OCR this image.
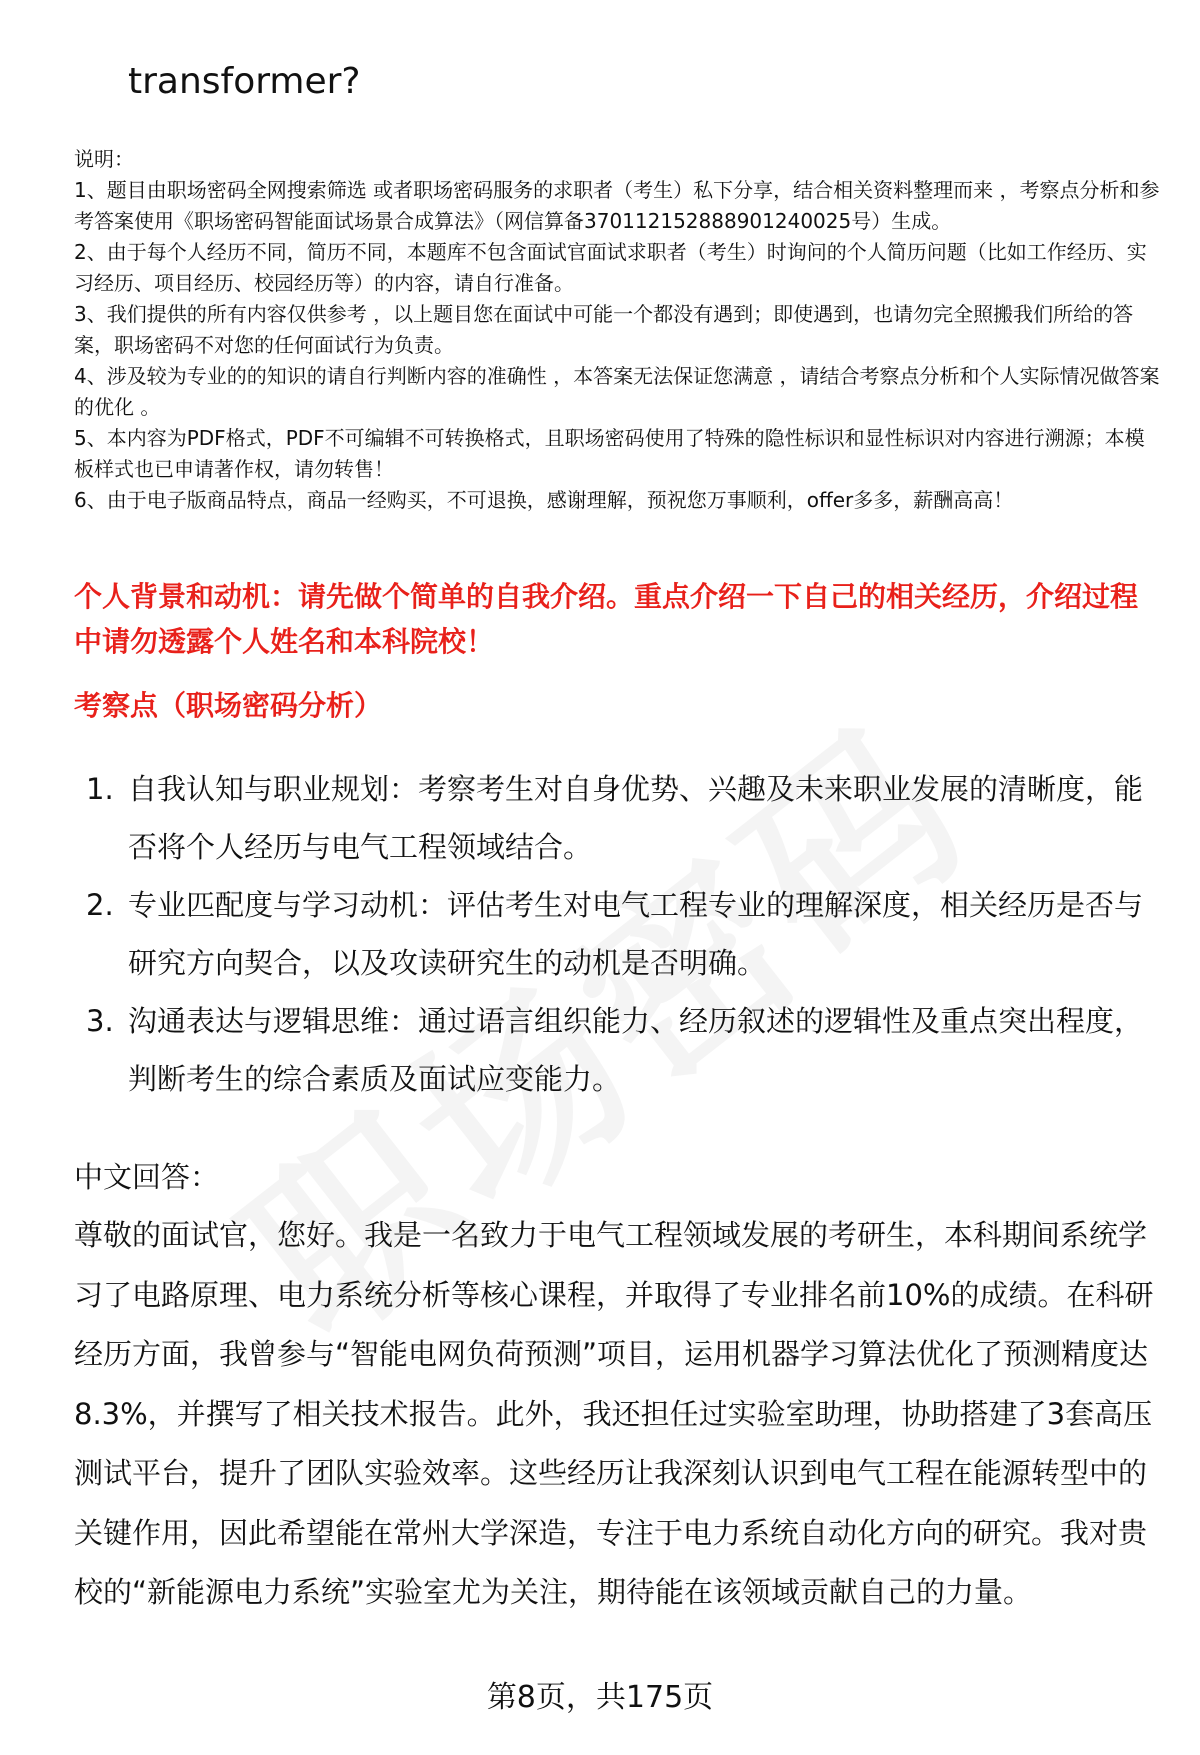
transformer?

说明：

1、题目由职场密码全网搜索筛选 或者职场密码服务的求职者（考生）私下分享，结合相关资料整理而来 ，考察点分析和参考答案使用《职场密码智能面试场景合成算法》（网信算备370112152888901240025号）生成。

2、由于每个人经历不同，简历不同，本题库不包含面试官面试求职者（考生）时询问的个人简历问题（比如工作经历、实习经历、项目经历、校园经历等）的内容，请自行准备。

3、我们提供的所有内容仅供参考 ，以上题目您在面试中可能一个都没有遇到；即使遇到，也请勿完全照搬我们所给的答案，职场密码不对您的任何面试行为负责。

4、涉及较为专业的的知识的请自行判断内容的准确性 ，本答案无法保证您满意 ，请结合考察点分析和个人实际情况做答案的优化 。

5、本内容为PDF格式，PDF不可编辑不可转换格式，且职场密码使用了特殊的隐性标识和显性标识对内容进行溯源；本模板样式也已申请著作权，请勿转售！

6、由于电子版商品特点，商品一经购买，不可退换，感谢理解，预祝您万事顺利，offer多多，薪酬高高！

个人背景和动机：请先做个简单的自我介绍。重点介绍一下自己的相关经历，介绍过程中请勿透露个人姓名和本科院校！
考察点（职场密码分析）
1. 自我认知与职业规划：考察考生对自身优势、兴趣及未来职业发展的清晰度，能否将个人经历与电气工程领域结合。
2. 专业匹配度与学习动机：评估考生对电气工程专业的理解深度，相关经历是否与研究方向契合，以及攻读研究生的动机是否明确。
3. 沟通表达与逻辑思维：通过语言组织能力、经历叙述的逻辑性及重点突出程度，判断考生的综合素质及面试应变能力。
中文回答：

尊敬的面试官，您好。我是一名致力于电气工程领域发展的考研生，本科期间系统学习了电路原理、电力系统分析等核心课程，并取得了专业排名前10%的成绩。在科研经历方面，我曾参与“智能电网负荷预测”项目，运用机器学习算法优化了预测精度达8.3%，并撰写了相关技术报告。此外，我还担任过实验室助理，协助搭建了3套高压测试平台，提升了团队实验效率。这些经历让我深刻认识到电气工程在能源转型中的关键作用，因此希望能在常州大学深造，专注于电力系统自动化方向的研究。我对贵校的“新能源电力系统”实验室尤为关注，期待能在该领域贡献自己的力量。

第8页，共175页
